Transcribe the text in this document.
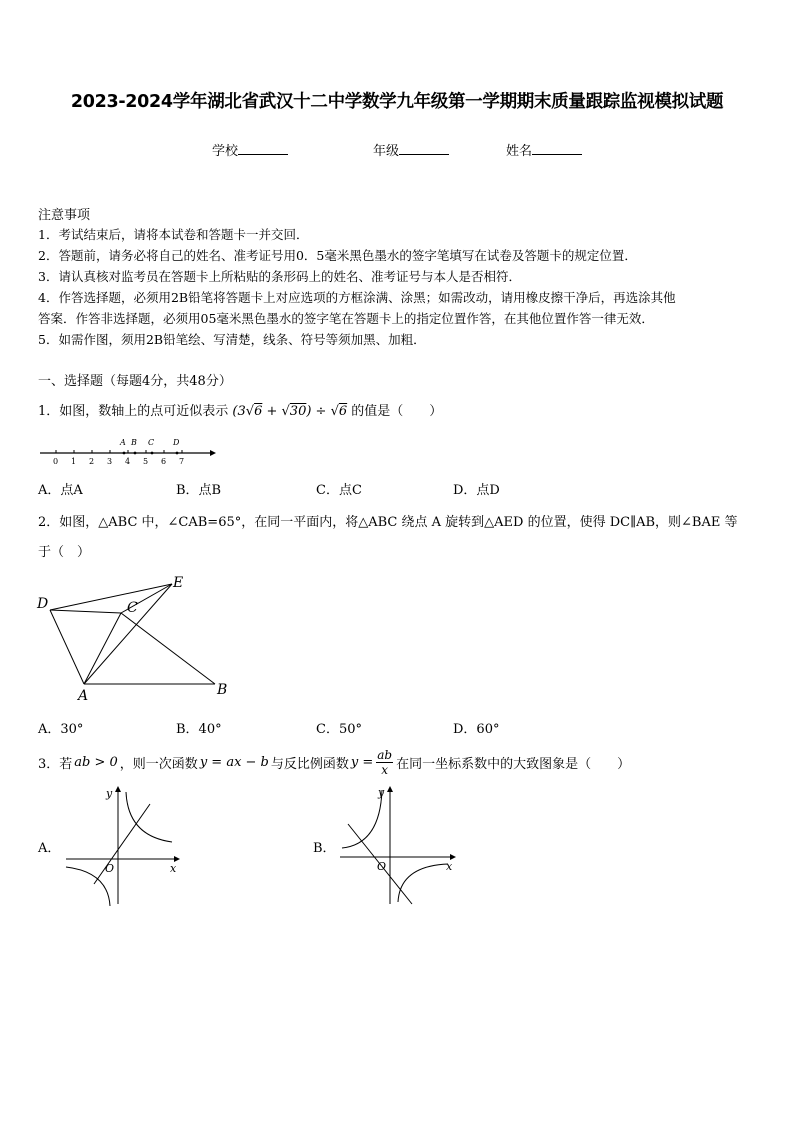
2023-2024学年湖北省武汉十二中学数学九年级第一学期期末质量跟踪监视模拟试题
学校	年级	姓名
注意事项
1．考试结束后，请将本试卷和答题卡一并交回．
2．答题前，请务必将自己的姓名、准考证号用0．5毫米黑色墨水的签字笔填写在试卷及答题卡的规定位置．
3．请认真核对监考员在答题卡上所粘贴的条形码上的姓名、准考证号与本人是否相符．
4．作答选择题，必须用2B铅笔将答题卡上对应选项的方框涂满、涂黑；如需改动，请用橡皮擦干净后，再选涂其他
答案．作答非选择题，必须用05毫米黑色墨水的签字笔在答题卡上的指定位置作答，在其他位置作答一律无效．
5．如需作图，须用2B铅笔绘、写清楚，线条、符号等须加黑、加粗．
一、选择题（每题4分，共48分）
1．如图，数轴上的点可近似表示 (3√6 + √30) ÷ √6 的值是（　　）
0 1 2 3 4 5 6 7
A B C D
A．点A	B．点B	C．点C	D．点D
2．如图，△ABC 中，∠CAB=65°，在同一平面内，将△ABC 绕点 A 旋转到△AED 的位置，使得 DC∥AB，则∠BAE 等
于（　）
D	C
E
A	B
A．30°	B．40°	C．50°	D．60°
3．若 ab > 0 ，则一次函数 y = ax − b 与反比例函数 $y = \frac{ab}{x}$ 在同一坐标系数中的大致图象是（　　）
A．
y
x
O
B．
y
x
O
